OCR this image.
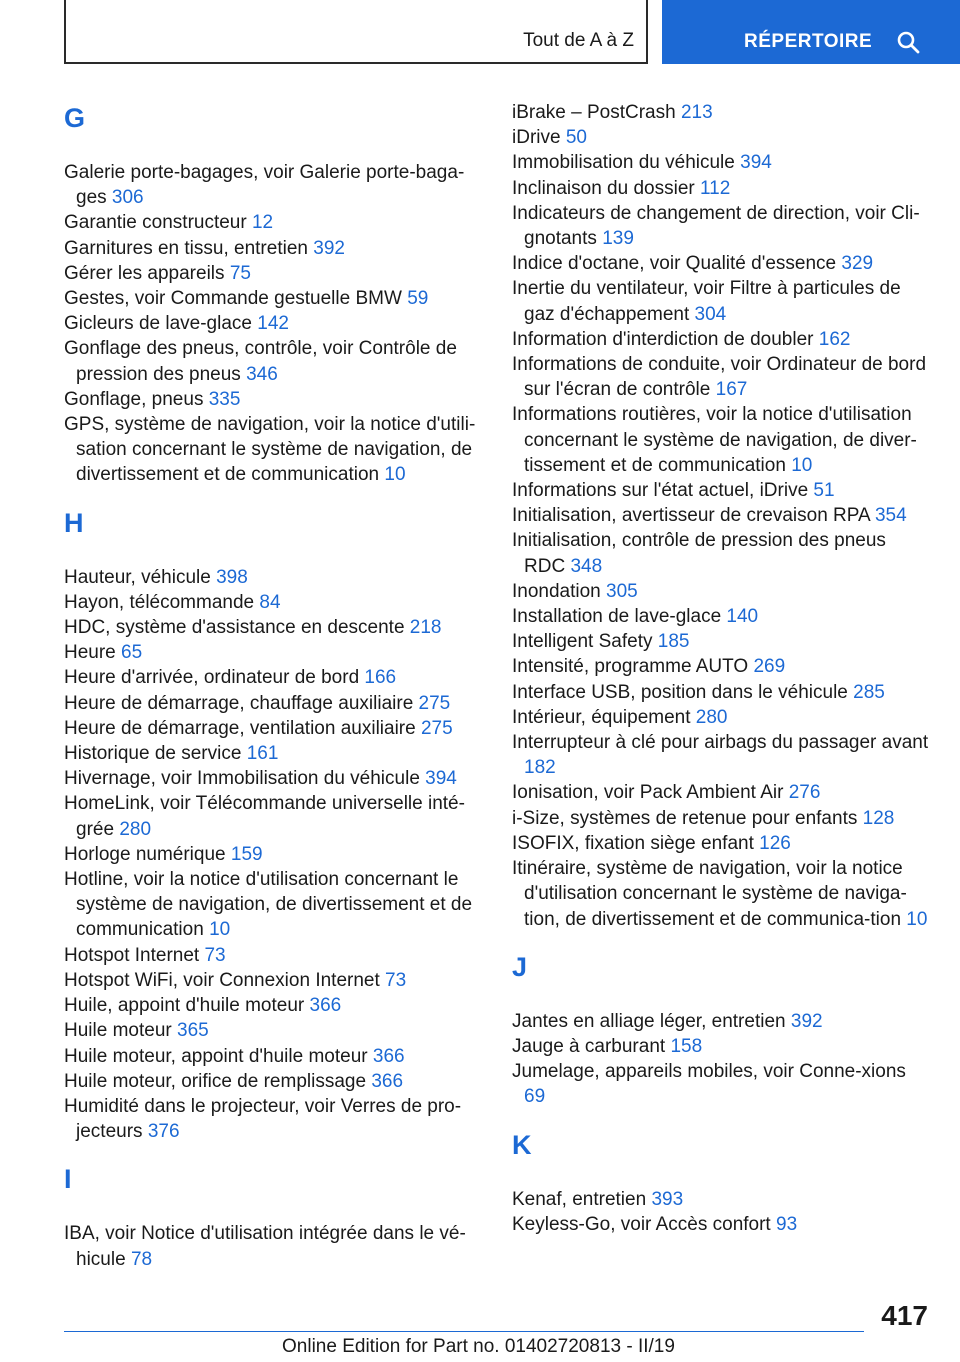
Tout de A à Z	RÉPERTOIRE
G
Galerie porte-bagages, voir Galerie porte-baga-ges 306
Garantie constructeur 12
Garnitures en tissu, entretien 392
Gérer les appareils 75
Gestes, voir Commande gestuelle BMW 59
Gicleurs de lave-glace 142
Gonflage des pneus, contrôle, voir Contrôle de pression des pneus 346
Gonflage, pneus 335
GPS, système de navigation, voir la notice d'utili-sation concernant le système de navigation, de divertissement et de communication 10
H
Hauteur, véhicule 398
Hayon, télécommande 84
HDC, système d'assistance en descente 218
Heure 65
Heure d'arrivée, ordinateur de bord 166
Heure de démarrage, chauffage auxiliaire 275
Heure de démarrage, ventilation auxiliaire 275
Historique de service 161
Hivernage, voir Immobilisation du véhicule 394
HomeLink, voir Télécommande universelle inté-grée 280
Horloge numérique 159
Hotline, voir la notice d'utilisation concernant le système de navigation, de divertissement et de communication 10
Hotspot Internet 73
Hotspot WiFi, voir Connexion Internet 73
Huile, appoint d'huile moteur 366
Huile moteur 365
Huile moteur, appoint d'huile moteur 366
Huile moteur, orifice de remplissage 366
Humidité dans le projecteur, voir Verres de pro-jecteurs 376
I
IBA, voir Notice d'utilisation intégrée dans le vé-hicule 78
iBrake – PostCrash 213
iDrive 50
Immobilisation du véhicule 394
Inclinaison du dossier 112
Indicateurs de changement de direction, voir Cli-gnotants 139
Indice d'octane, voir Qualité d'essence 329
Inertie du ventilateur, voir Filtre à particules de gaz d'échappement 304
Information d'interdiction de doubler 162
Informations de conduite, voir Ordinateur de bord sur l'écran de contrôle 167
Informations routières, voir la notice d'utilisation concernant le système de navigation, de diver-tissement et de communication 10
Informations sur l'état actuel, iDrive 51
Initialisation, avertisseur de crevaison RPA 354
Initialisation, contrôle de pression des pneus RDC 348
Inondation 305
Installation de lave-glace 140
Intelligent Safety 185
Intensité, programme AUTO 269
Interface USB, position dans le véhicule 285
Intérieur, équipement 280
Interrupteur à clé pour airbags du passager avant 182
Ionisation, voir Pack Ambient Air 276
i-Size, systèmes de retenue pour enfants 128
ISOFIX, fixation siège enfant 126
Itinéraire, système de navigation, voir la notice d'utilisation concernant le système de naviga-tion, de divertissement et de communica-tion 10
J
Jantes en alliage léger, entretien 392
Jauge à carburant 158
Jumelage, appareils mobiles, voir Conne-xions 69
K
Kenaf, entretien 393
Keyless-Go, voir Accès confort 93
417
Online Edition for Part no. 01402720813 - II/19
